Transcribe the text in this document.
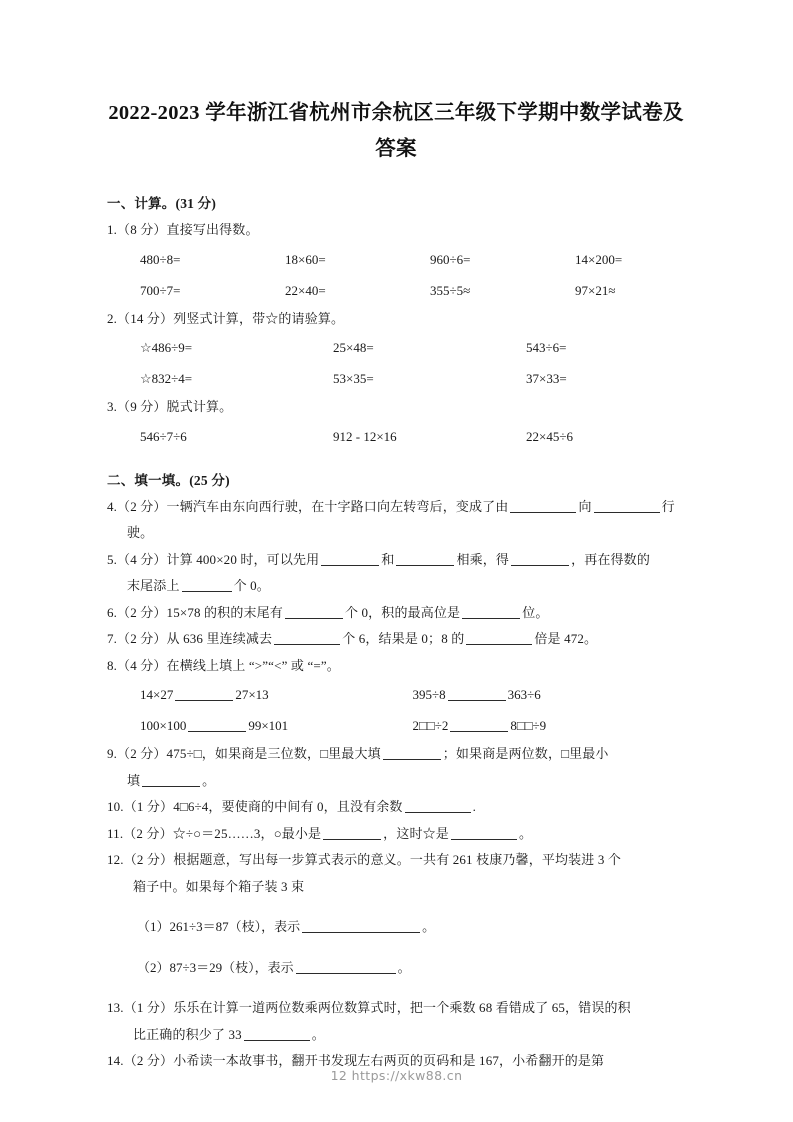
2022-2023 学年浙江省杭州市余杭区三年级下学期中数学试卷及答案

一、计算。(31 分)

1.（8 分）直接写出得数。

480÷8=	18×60=	960÷6=	14×200=
700÷7=	22×40=	355÷5≈	97×21≈

2.（14 分）列竖式计算，带☆的请验算。

☆486÷9=	25×48=	543÷6=
☆832÷4=	53×35=	37×33=

3.（9 分）脱式计算。

546÷7÷6	912 - 12×16	22×45÷6

二、填一填。(25 分)

4.（2 分）一辆汽车由东向西行驶，在十字路口向左转弯后，变成了由	向	行
驶。

5.（4 分）计算 400×20 时，可以先用	和	相乘，得	，再在得数的
末尾添上	个 0。

6.（2 分）15×78 的积的末尾有	个 0，积的最高位是	位。

7.（2 分）从 636 里连续减去	个 6，结果是 0；8 的	倍是 472。

8.（4 分）在横线上填上 “>”“<” 或 “=”。

14×27	27×13	395÷8	363÷6
100×100	99×101	2□□÷2	8□□÷9

9.（2 分）475÷□，如果商是三位数，□里最大填	；如果商是两位数，□里最小
填	。

10.（1 分）4□6÷4，要使商的中间有 0，且没有余数	.

11.（2 分）☆÷○＝25……3，○最小是	，这时☆是	。

12.（2 分）根据题意，写出每一步算式表示的意义。一共有 261 枝康乃馨，平均装进 3 个
箱子中。如果每个箱子装 3 束

（1）261÷3＝87（枝），表示	。

（2）87÷3＝29（枝），表示	。

13.（1 分）乐乐在计算一道两位数乘两位数算式时，把一个乘数 68 看错成了 65，错误的积
比正确的积少了 33	。

14.（2 分）小希读一本故事书，翻开书发现左右两页的页码和是 167，小希翻开的是第

12 https://xkw88.cn
